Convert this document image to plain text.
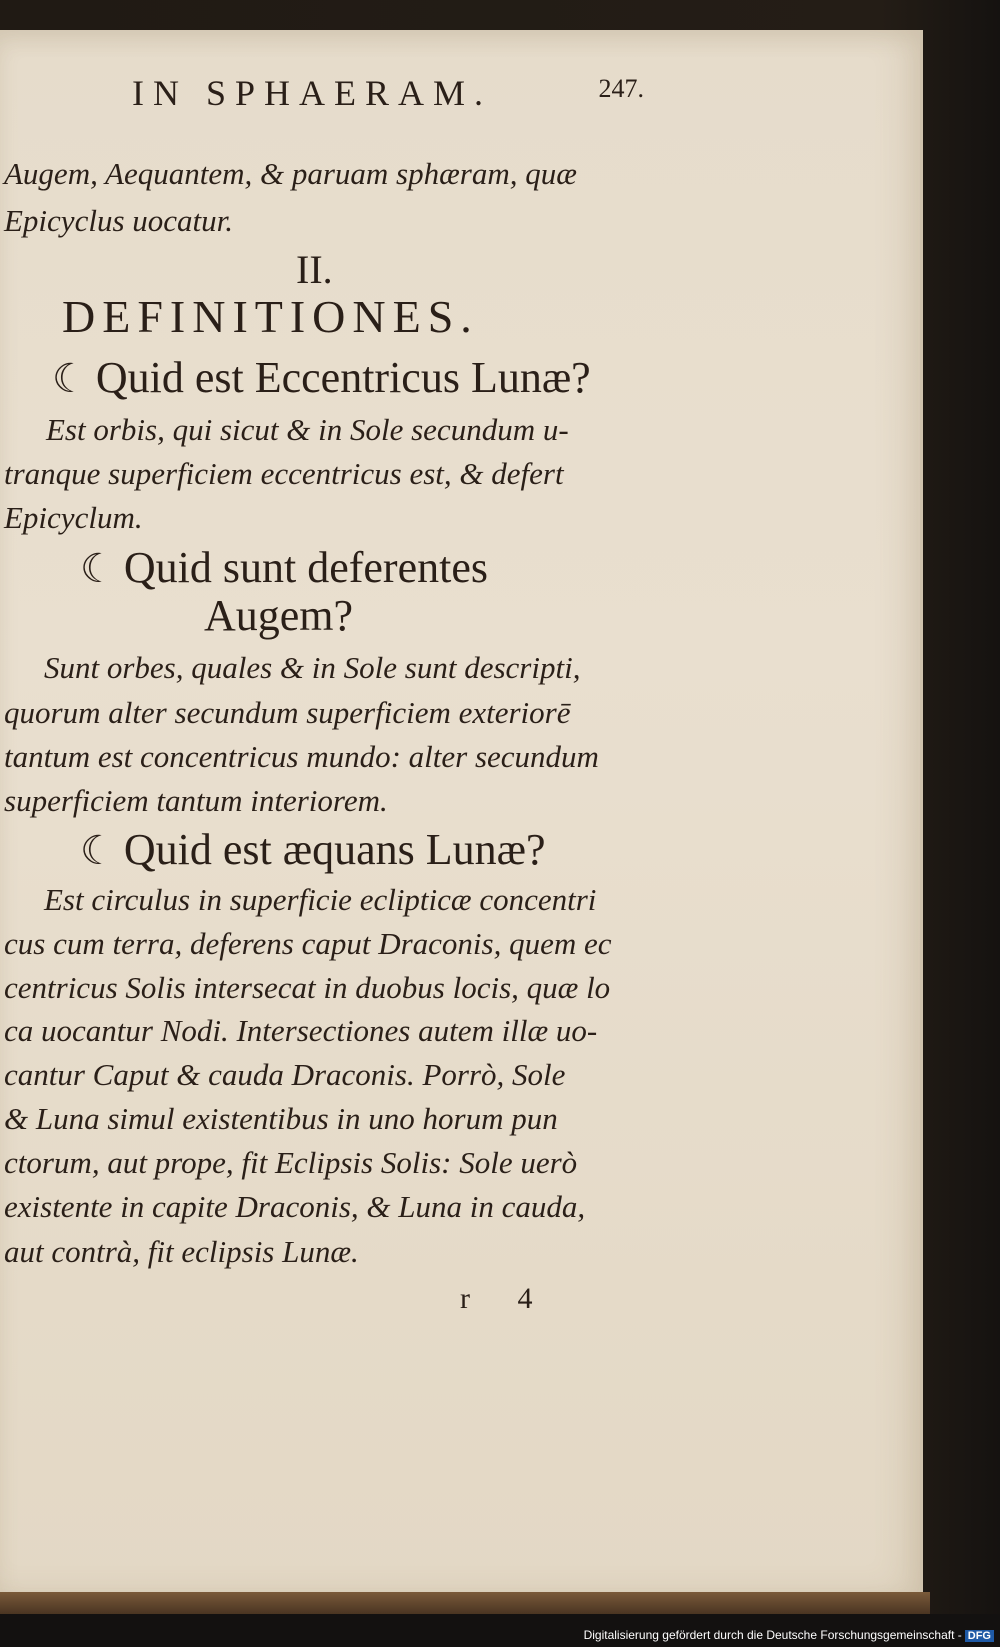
IN SPHAERAM.	247.
Augem, Aequantem, & paruam sphæram, quæ
Epicyclus uocatur.
II.
DEFINITIONES.
☾ Quid est Eccentricus Lunæ?
Est orbis, qui sicut & in Sole secundum u-
tranque superficiem eccentricus est, & defert
Epicyclum.
☾ Quid sunt deferentes
Augem?
Sunt orbes, quales & in Sole sunt descripti,
quorum alter secundum superficiem exteriorē
tantum est concentricus mundo: alter secundum
superficiem tantum interiorem.
☾ Quid est æquans Lunæ?
Est circulus in superficie eclipticæ concentri
cus cum terra, deferens caput Draconis, quem ec
centricus Solis intersecat in duobus locis, quæ lo
ca uocantur Nodi. Intersectiones autem illæ uo-
cantur Caput & cauda Draconis. Porrò, Sole
& Luna simul existentibus in uno horum pun
ctorum, aut prope, fit Eclipsis Solis: Sole uerò
existente in capite Draconis, & Luna in cauda,
aut contrà, fit eclipsis Lunæ.
r 4
Digitalisierung gefördert durch die Deutsche Forschungsgemeinschaft - DFG
